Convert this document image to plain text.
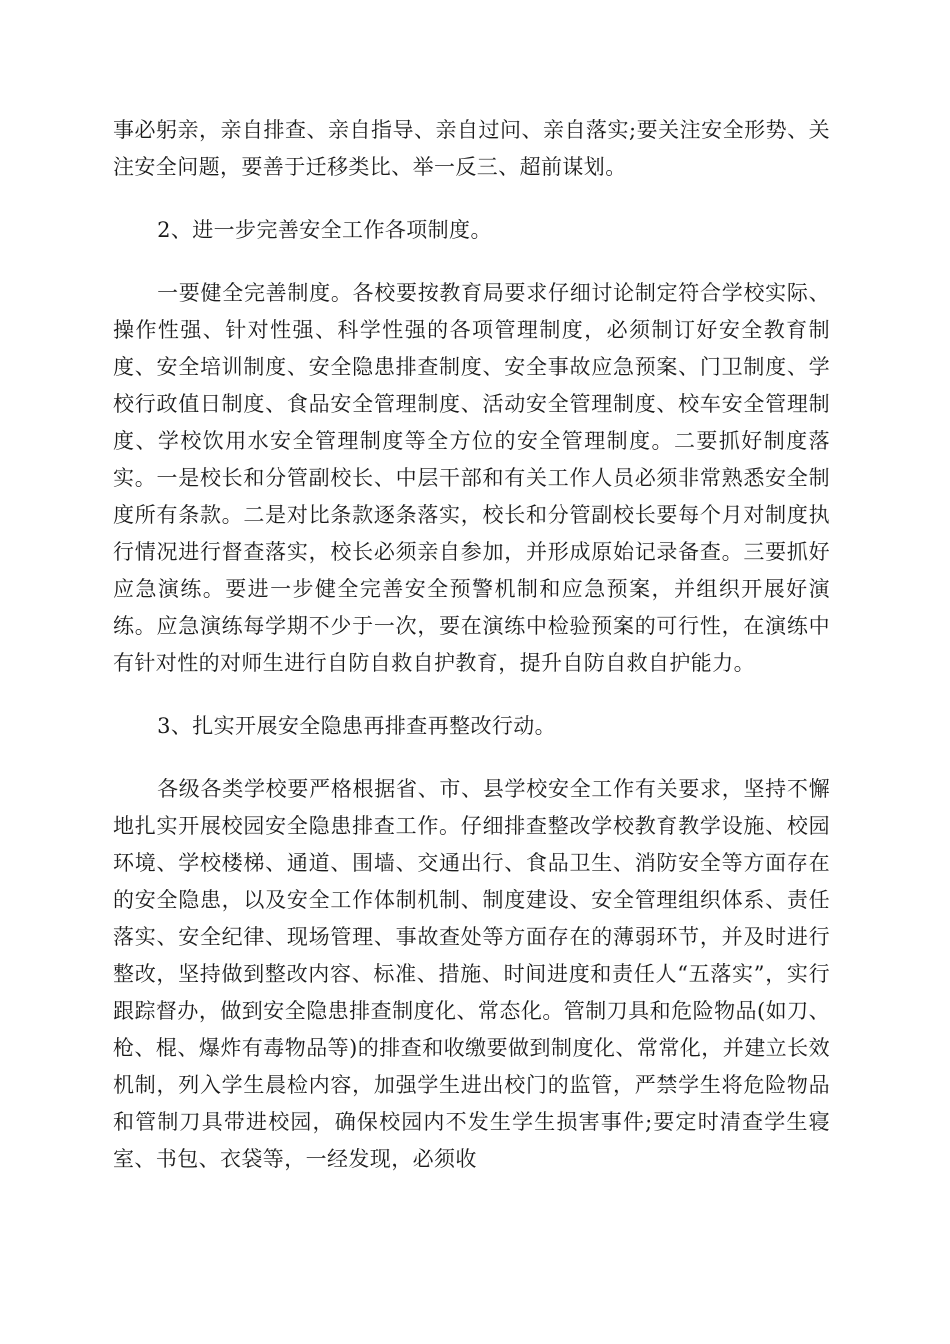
事必躬亲，亲自排查、亲自指导、亲自过问、亲自落实;要关注安全形势、关注安全问题，要善于迁移类比、举一反三、超前谋划。

2、进一步完善安全工作各项制度。

一要健全完善制度。各校要按教育局要求仔细讨论制定符合学校实际、操作性强、针对性强、科学性强的各项管理制度，必须制订好安全教育制度、安全培训制度、安全隐患排查制度、安全事故应急预案、门卫制度、学校行政值日制度、食品安全管理制度、活动安全管理制度、校车安全管理制度、学校饮用水安全管理制度等全方位的安全管理制度。二要抓好制度落实。一是校长和分管副校长、中层干部和有关工作人员必须非常熟悉安全制度所有条款。二是对比条款逐条落实，校长和分管副校长要每个月对制度执行情况进行督查落实，校长必须亲自参加，并形成原始记录备查。三要抓好应急演练。要进一步健全完善安全预警机制和应急预案，并组织开展好演练。应急演练每学期不少于一次，要在演练中检验预案的可行性，在演练中有针对性的对师生进行自防自救自护教育，提升自防自救自护能力。

3、扎实开展安全隐患再排查再整改行动。

各级各类学校要严格根据省、市、县学校安全工作有关要求，坚持不懈地扎实开展校园安全隐患排查工作。仔细排查整改学校教育教学设施、校园环境、学校楼梯、通道、围墙、交通出行、食品卫生、消防安全等方面存在的安全隐患，以及安全工作体制机制、制度建设、安全管理组织体系、责任落实、安全纪律、现场管理、事故查处等方面存在的薄弱环节，并及时进行整改，坚持做到整改内容、标准、措施、时间进度和责任人“五落实”，实行跟踪督办，做到安全隐患排查制度化、常态化。管制刀具和危险物品(如刀、枪、棍、爆炸有毒物品等)的排查和收缴要做到制度化、常常化，并建立长效机制，列入学生晨检内容，加强学生进出校门的监管，严禁学生将危险物品和管制刀具带进校园，确保校园内不发生学生损害事件;要定时清查学生寝室、书包、衣袋等，一经发现，必须收
